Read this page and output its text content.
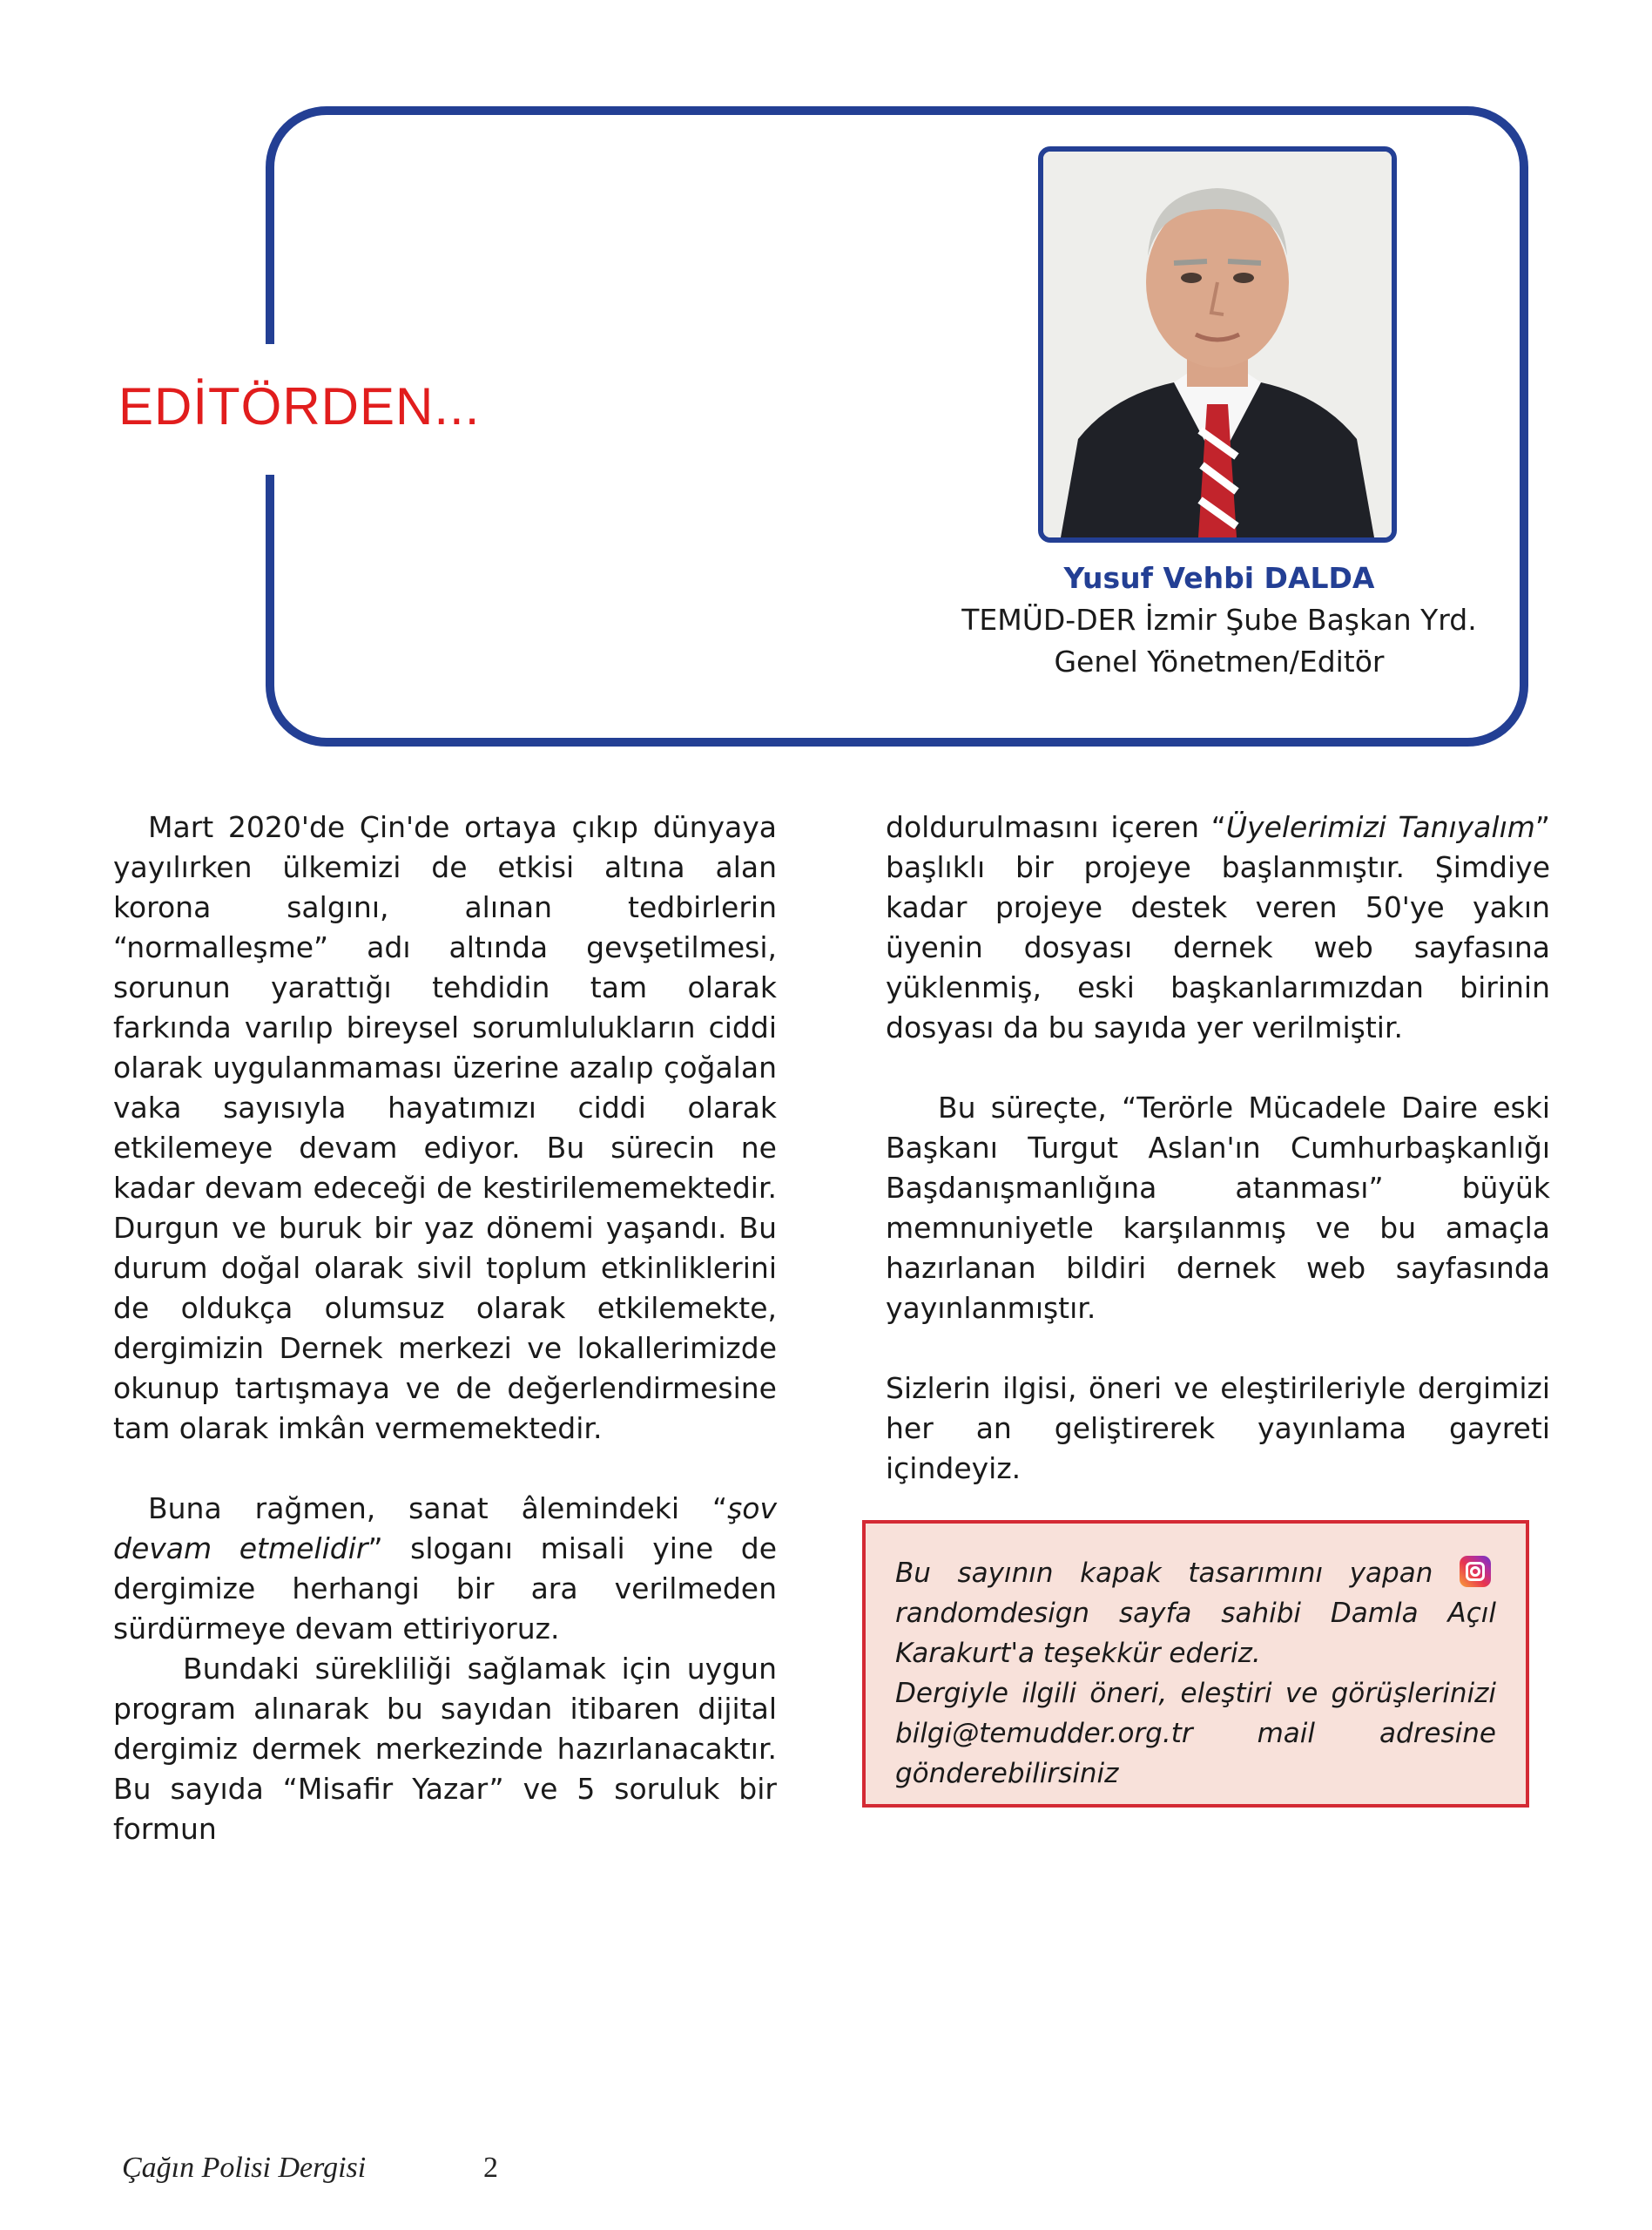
EDİTÖRDEN...
Yusuf Vehbi DALDA
TEMÜD-DER İzmir Şube Başkan Yrd.
Genel Yönetmen/Editör

Mart 2020'de Çin'de ortaya çıkıp dünyaya yayılırken ülkemizi de etkisi altına alan korona salgını, alınan tedbirlerin “normalleşme” adı altında gevşetilmesi, sorunun yarattığı tehdidin tam olarak farkında varılıp bireysel sorumlulukların ciddi olarak uygulanmaması üzerine azalıp çoğalan vaka sayısıyla hayatımızı ciddi olarak etkilemeye devam ediyor. Bu sürecin ne kadar devam edeceği de kestirilememektedir. Durgun ve buruk bir yaz dönemi yaşandı. Bu durum doğal olarak sivil toplum etkinliklerini de oldukça olumsuz olarak etkilemekte, dergimizin Dernek merkezi ve lokallerimizde okunup tartışmaya ve de değerlendirmesine tam olarak imkân vermemektedir.

Buna rağmen, sanat âlemindeki “şov devam etmelidir” sloganı misali yine de dergimize herhangi bir ara verilmeden sürdürmeye devam ettiriyoruz.

Bundaki sürekliliği sağlamak için uygun program alınarak bu sayıdan itibaren dijital dergimiz dermek merkezinde hazırlanacaktır. Bu sayıda “Misafir Yazar” ve 5 soruluk bir formun

doldurulmasını içeren “Üyelerimizi Tanıyalım” başlıklı bir projeye başlanmıştır. Şimdiye kadar projeye destek veren 50'ye yakın üyenin dosyası dernek web sayfasına yüklenmiş, eski başkanlarımızdan birinin dosyası da bu sayıda yer verilmiştir.

Bu süreçte, “Terörle Mücadele Daire eski Başkanı Turgut Aslan'ın Cumhurbaşkanlığı Başdanışmanlığına atanması” büyük memnuniyetle karşılanmış ve bu amaçla hazırlanan bildiri dernek web sayfasında yayınlanmıştır.

Sizlerin ilgisi, öneri ve eleştirileriyle dergimizi her an geliştirerek yayınlama gayreti içindeyiz.

Bu sayının kapak tasarımını yapan randomdesign sayfa sahibi Damla Açıl Karakurt'a teşekkür ederiz.

Dergiyle ilgili öneri, eleştiri ve görüşlerinizi bilgi@temudder.org.tr mail adresine gönderebilirsiniz

Çağın Polisi Dergisi	2
